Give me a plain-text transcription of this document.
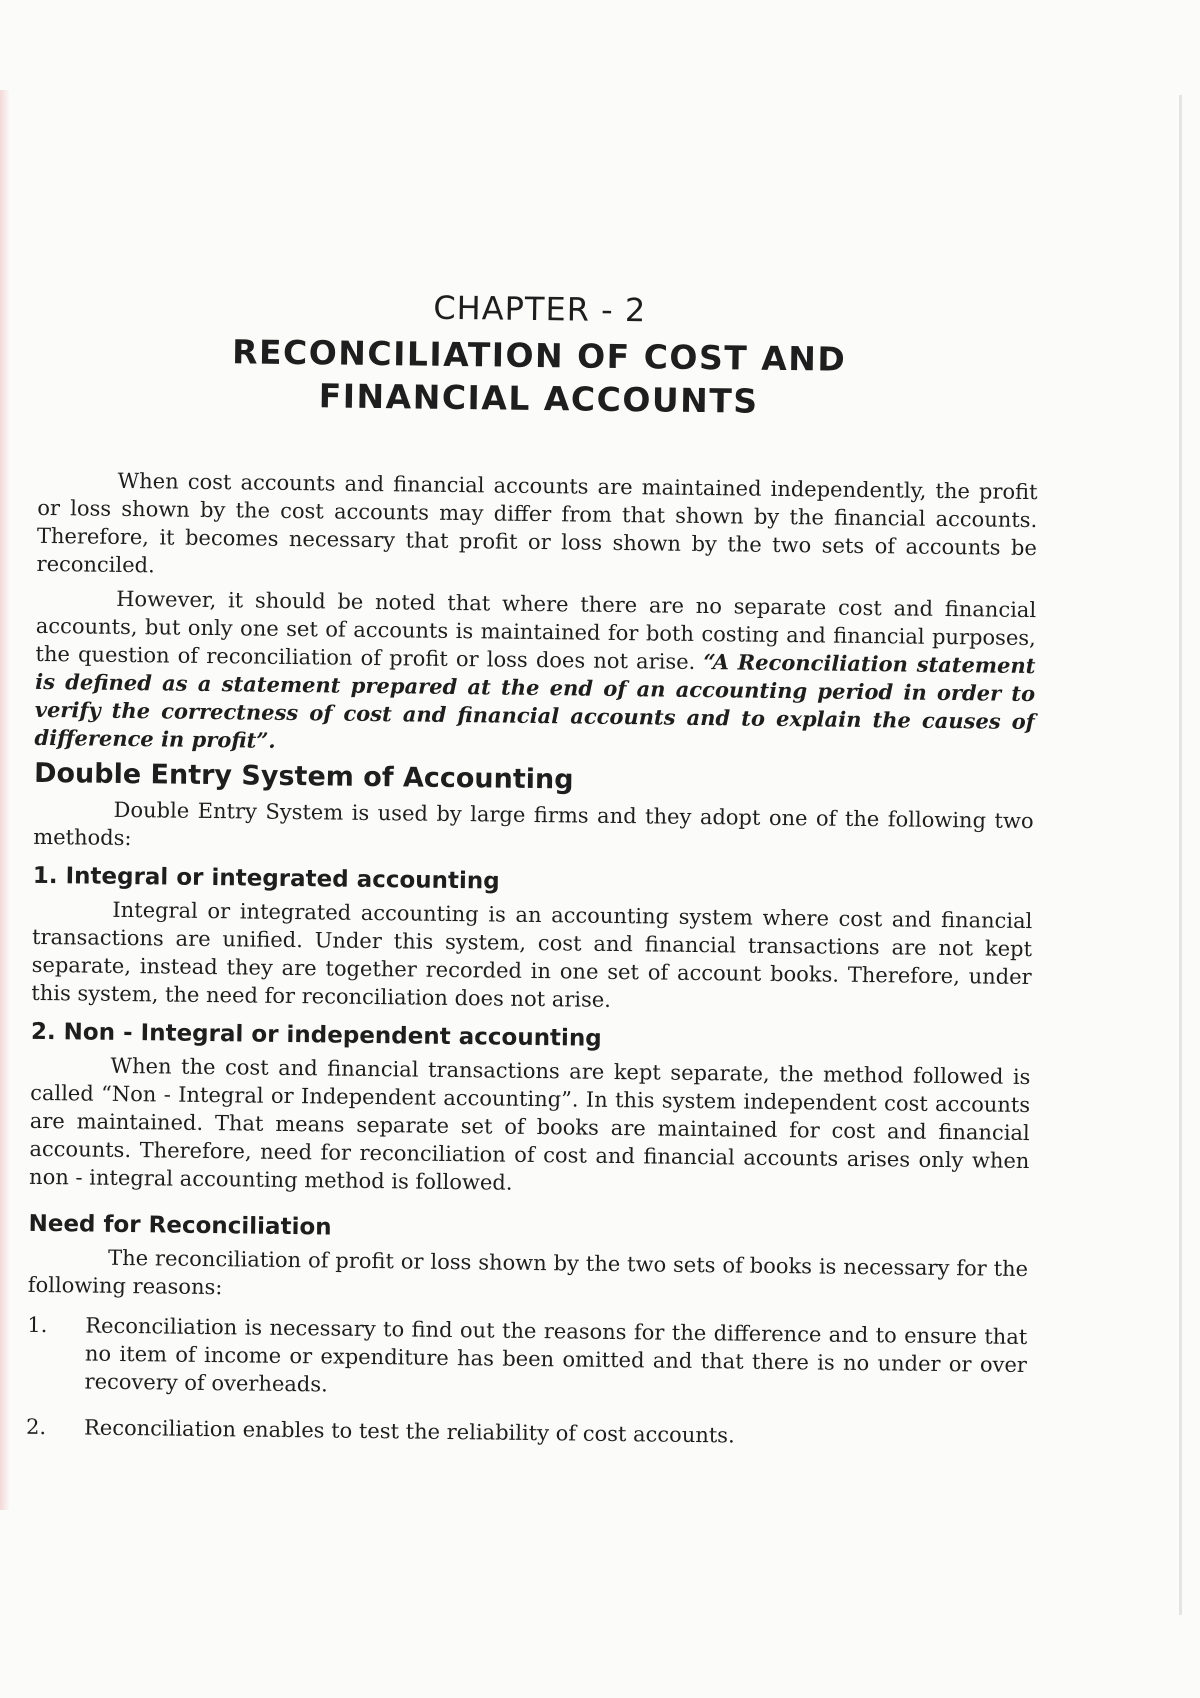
CHAPTER - 2
RECONCILIATION OF COST AND FINANCIAL ACCOUNTS

When cost accounts and financial accounts are maintained independently, the profit or loss shown by the cost accounts may differ from that shown by the financial accounts. Therefore, it becomes necessary that profit or loss shown by the two sets of accounts be reconciled.

However, it should be noted that where there are no separate cost and financial accounts, but only one set of accounts is maintained for both costing and financial purposes, the question of reconciliation of profit or loss does not arise. “A Reconciliation statement is defined as a statement prepared at the end of an accounting period in order to verify the correctness of cost and financial accounts and to explain the causes of difference in profit”.

Double Entry System of Accounting

Double Entry System is used by large firms and they adopt one of the following two methods:

1. Integral or integrated accounting

Integral or integrated accounting is an accounting system where cost and financial transactions are unified. Under this system, cost and financial transactions are not kept separate, instead they are together recorded in one set of account books. Therefore, under this system, the need for reconciliation does not arise.

2. Non - Integral or independent accounting

When the cost and financial transactions are kept separate, the method followed is called “Non - Integral or Independent accounting”. In this system independent cost accounts are maintained. That means separate set of books are maintained for cost and financial accounts. Therefore, need for reconciliation of cost and financial accounts arises only when non - integral accounting method is followed.

Need for Reconciliation

The reconciliation of profit or loss shown by the two sets of books is necessary for the following reasons:

1.	Reconciliation is necessary to find out the reasons for the difference and to ensure that no item of income or expenditure has been omitted and that there is no under or over recovery of overheads.
2.	Reconciliation enables to test the reliability of cost accounts.
